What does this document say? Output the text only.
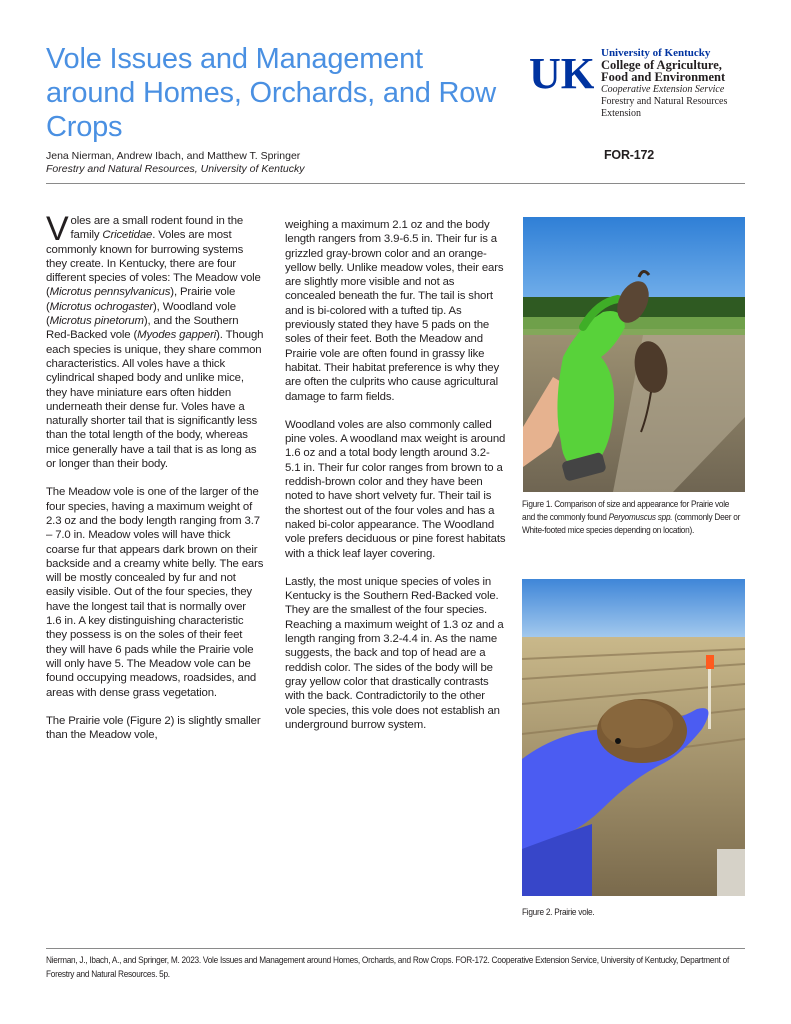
Vole Issues and Management around Homes, Orchards, and Row Crops
UK University of Kentucky
College of Agriculture,
Food and Environment
Cooperative Extension Service
Forestry and Natural Resources
Extension
Jena Nierman, Andrew Ibach, and Matthew T. Springer
Forestry and Natural Resources, University of Kentucky
FOR-172

Voles are a small rodent found in the family Cricetidae. Voles are most commonly known for burrowing systems they create. In Kentucky, there are four different species of voles: The Meadow vole (Microtus pennsylvanicus), Prairie vole (Microtus ochrogaster), Woodland vole (Microtus pinetorum), and the Southern Red-Backed vole (Myodes gapperi). Though each species is unique, they share common characteristics. All voles have a thick cylindrical shaped body and unlike mice, they have miniature ears often hidden underneath their dense fur. Voles have a naturally shorter tail that is significantly less than the total length of the body, whereas mice generally have a tail that is as long as or longer than their body.

The Meadow vole is one of the larger of the four species, having a maximum weight of 2.3 oz and the body length ranging from 3.7 – 7.0 in. Meadow voles will have thick coarse fur that appears dark brown on their backside and a creamy white belly. The ears will be mostly concealed by fur and not easily visible. Out of the four species, they have the longest tail that is normally over 1.6 in. A key distinguishing characteristic they possess is on the soles of their feet they will have 6 pads while the Prairie vole will only have 5. The Meadow vole can be found occupying meadows, roadsides, and areas with dense grass vegetation.

The Prairie vole (Figure 2) is slightly smaller than the Meadow vole,

weighing a maximum 2.1 oz and the body length rangers from 3.9-6.5 in. Their fur is a grizzled gray-brown color and an orange-yellow belly. Unlike meadow voles, their ears are slightly more visible and not as concealed beneath the fur. The tail is short and is bi-colored with a tufted tip. As previously stated they have 5 pads on the soles of their feet. Both the Meadow and Prairie vole are often found in grassy like habitat. Their habitat preference is why they are often the culprits who cause agricultural damage to farm fields.

Woodland voles are also commonly called pine voles. A woodland max weight is around 1.6 oz and a total body length around 3.2- 5.1 in. Their fur color ranges from brown to a reddish-brown color and they have been noted to have short velvety fur. Their tail is the shortest out of the four voles and has a naked bi-color appearance. The Woodland vole prefers deciduous or pine forest habitats with a thick leaf layer covering.

Lastly, the most unique species of voles in Kentucky is the Southern Red-Backed vole. They are the smallest of the four species. Reaching a maximum weight of 1.3 oz and a length ranging from 3.2-4.4 in. As the name suggests, the back and top of head are a reddish color. The sides of the body will be gray yellow color that drastically contrasts with the back. Contradictorily to the other vole species, this vole does not establish an underground burrow system.

Figure 1. Comparison of size and appearance for Prairie vole and the commonly found Peryomuscus spp. (commonly Deer or White-footed mice species depending on location).
Figure 2. Prairie vole.
Nierman, J., Ibach, A., and Springer, M. 2023. Vole Issues and Management around Homes, Orchards, and Row Crops. FOR-172. Cooperative Extension Service, University of Kentucky, Department of Forestry and Natural Resources. 5p.
